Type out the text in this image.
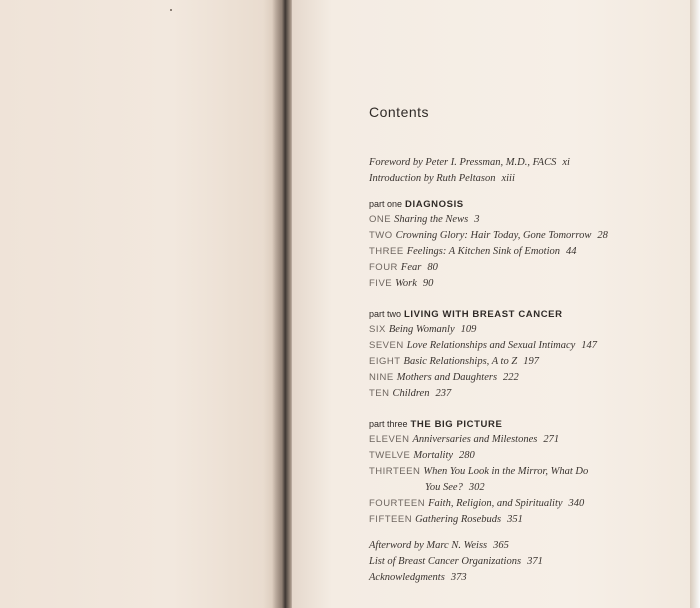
Contents
Foreword by Peter I. Pressman, M.D., FACS xi
Introduction by Ruth Peltason xiii
part one DIAGNOSIS
ONE Sharing the News 3
TWO Crowning Glory: Hair Today, Gone Tomorrow 28
THREE Feelings: A Kitchen Sink of Emotion 44
FOUR Fear 80
FIVE Work 90
part two LIVING WITH BREAST CANCER
SIX Being Womanly 109
SEVEN Love Relationships and Sexual Intimacy 147
EIGHT Basic Relationships, A to Z 197
NINE Mothers and Daughters 222
TEN Children 237
part three THE BIG PICTURE
ELEVEN Anniversaries and Milestones 271
TWELVE Mortality 280
THIRTEEN When You Look in the Mirror, What Do
You See? 302
FOURTEEN Faith, Religion, and Spirituality 340
FIFTEEN Gathering Rosebuds 351
Afterword by Marc N. Weiss 365
List of Breast Cancer Organizations 371
Acknowledgments 373
